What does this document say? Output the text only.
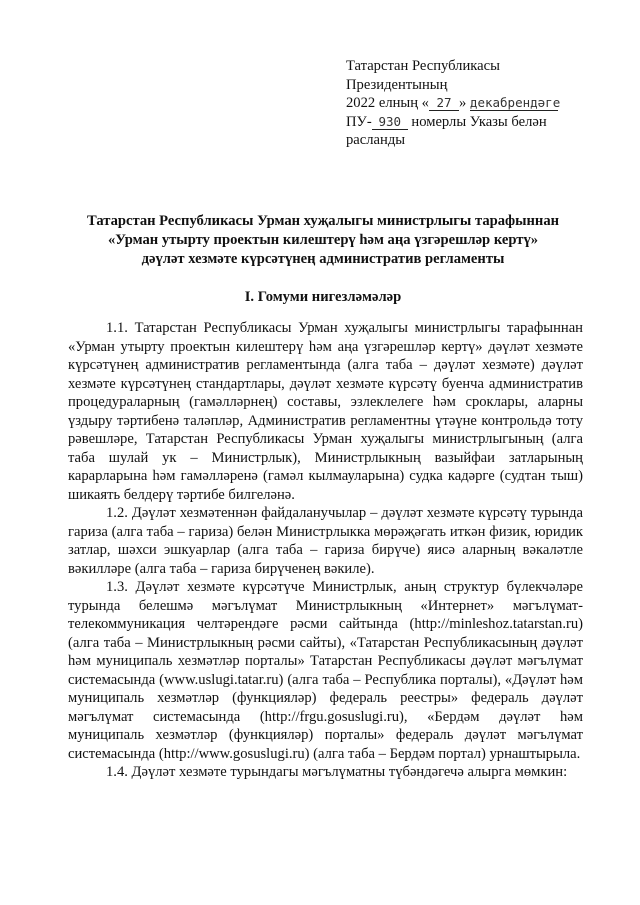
Татарстан Республикасы
Президентының
2022 елның « 27 » декабрендәге
ПУ- 930 номерлы Указы белән
расланды
Татарстан Республикасы Урман хуҗалыгы министрлыгы тарафыннан
«Урман утырту проектын килештерү һәм аңа үзгәрешләр кертү»
дәүләт хезмәте күрсәтүнең административ регламенты
I. Гомуми нигезләмәләр

1.1. Татарстан Республикасы Урман хуҗалыгы министрлыгы тарафыннан «Урман утырту проектын килештерү һәм аңа үзгәрешләр кертү» дәүләт хезмәте күрсәтүнең административ регламентында (алга таба – дәүләт хезмәте) дәүләт хезмәте күрсәтүнең стандартлары, дәүләт хезмәте күрсәтү буенча административ процедураларның (гамәлләрнең) составы, эзлеклелеге һәм сроклары, аларны үздыру тәртибенә таләпләр, Административ регламентны үтәүне контрольдә тоту рәвешләре, Татарстан Республикасы Урман хуҗалыгы министрлыгының (алга таба шулай ук – Министрлык), Министрлыкның вазыйфаи затларының карарларына һәм гамәлләренә (гамәл кылмауларына) судка кадәрге (судтан тыш) шикаять белдерү тәртибе билгеләнә.

1.2. Дәүләт хезмәтеннән файдаланучылар – дәүләт хезмәте күрсәтү турында гариза (алга таба – гариза) белән Министрлыкка мөрәҗәгать иткән физик, юридик затлар, шәхси эшкуарлар (алга таба – гариза бирүче) яисә аларның вәкаләтле вәкилләре (алга таба – гариза бирүченең вәкиле).

1.3. Дәүләт хезмәте күрсәтүче Министрлык, аның структур бүлекчәләре турында белешмә мәгълүмат Министрлыкның «Интернет» мәгълүмат-телекоммуникация челтәрендәге рәсми сайтында (http://minleshoz.tatarstan.ru) (алга таба – Министрлыкның рәсми сайты), «Татарстан Республикасының дәүләт һәм муниципаль хезмәтләр порталы» Татарстан Республикасы дәүләт мәгълүмат системасында (www.uslugi.tatar.ru) (алга таба – Республика порталы), «Дәүләт һәм муниципаль хезмәтләр (функцияләр) федераль реестры» федераль дәүләт мәгълүмат системасында (http://frgu.gosuslugi.ru), «Бердәм дәүләт һәм муниципаль хезмәтләр (функцияләр) порталы» федераль дәүләт мәгълүмат системасында (http://www.gosuslugi.ru) (алга таба – Бердәм портал) урнаштырыла.

1.4. Дәүләт хезмәте турындагы мәгълүматны түбәндәгечә алырга мөмкин:
